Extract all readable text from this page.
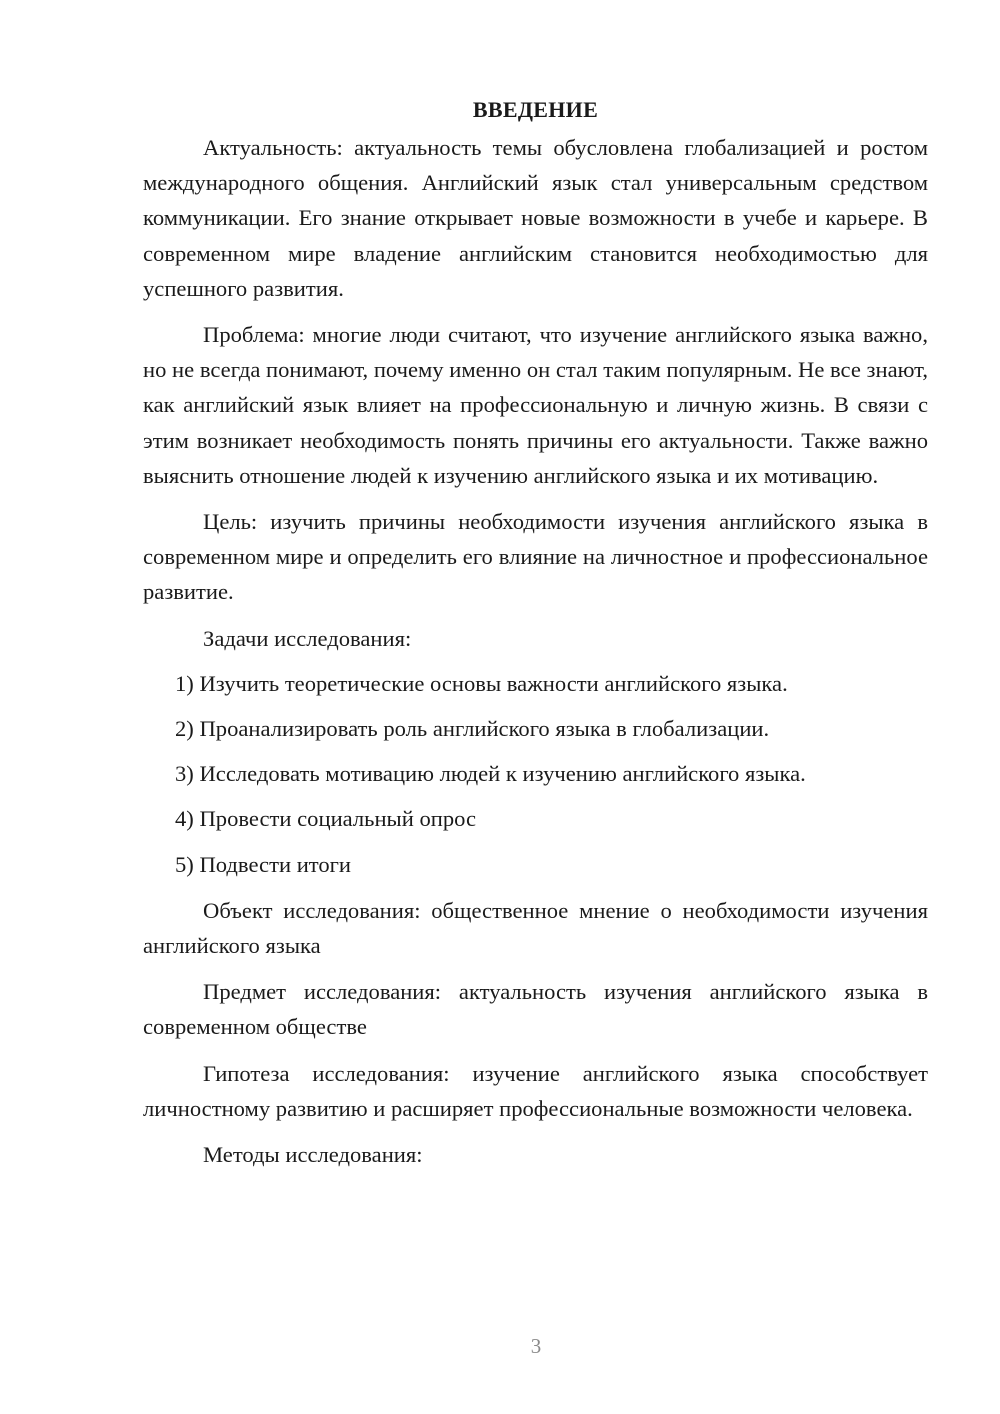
ВВЕДЕНИЕ

Актуальность: актуальность темы обусловлена глобализацией и ростом международного общения. Английский язык стал универсальным средством коммуникации. Его знание открывает новые возможности в учебе и карьере. В современном мире владение английским становится необходимостью для успешного развития.

Проблема: многие люди считают, что изучение английского языка важно, но не всегда понимают, почему именно он стал таким популярным. Не все знают, как английский язык влияет на профессиональную и личную жизнь. В связи с этим возникает необходимость понять причины его актуальности. Также важно выяснить отношение людей к изучению английского языка и их мотивацию.

Цель: изучить причины необходимости изучения английского языка в современном мире и определить его влияние на личностное и профессиональное развитие.

Задачи исследования:

1) Изучить теоретические основы важности английского языка.

2) Проанализировать роль английского языка в глобализации.

3) Исследовать мотивацию людей к изучению английского языка.

4) Провести социальный опрос

5) Подвести итоги

Объект исследования: общественное мнение о необходимости изучения английского языка

Предмет исследования: актуальность изучения английского языка в современном обществе

Гипотеза исследования: изучение английского языка способствует личностному развитию и расширяет профессиональные возможности человека.

Методы исследования:

3
